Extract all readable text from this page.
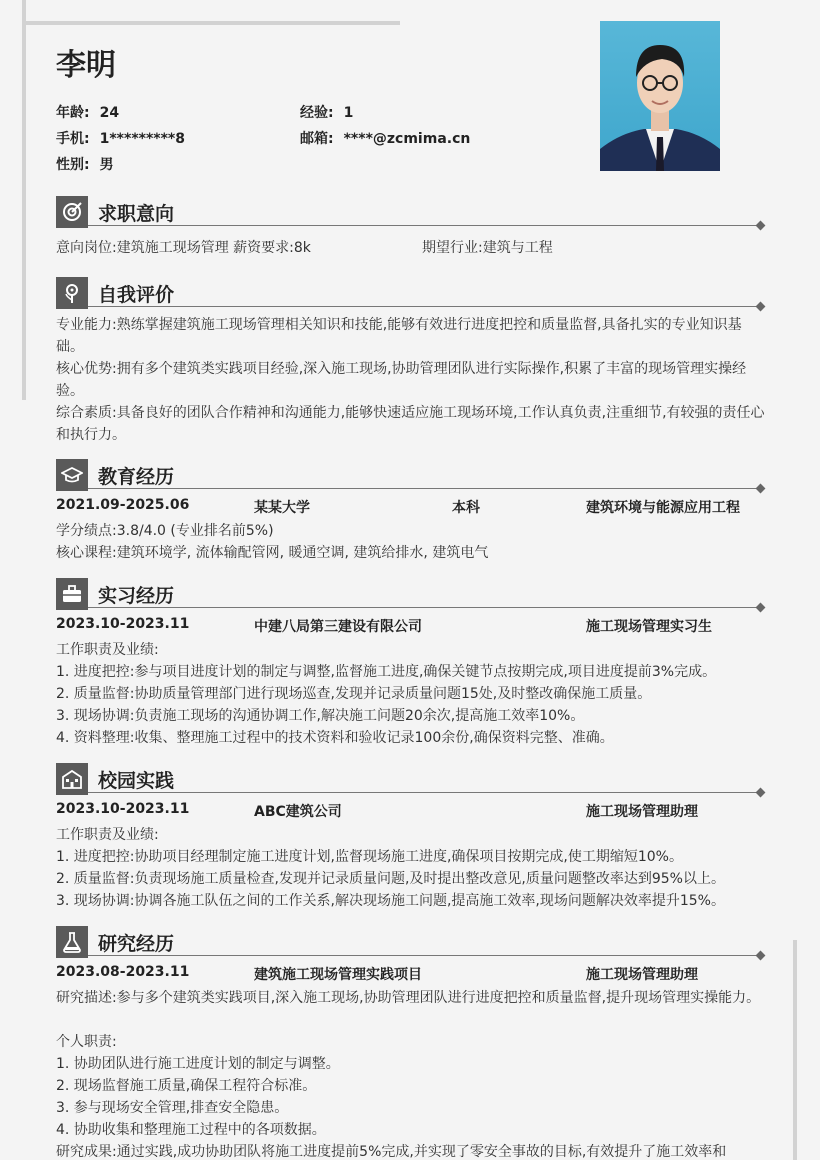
李明
年龄: 24	经验: 1
手机: 1*********8	邮箱: ****@zcmima.cn
性别: 男
求职意向
意向岗位:建筑施工现场管理 薪资要求:8k	期望行业:建筑与工程
自我评价
专业能力:熟练掌握建筑施工现场管理相关知识和技能,能够有效进行进度把控和质量监督,具备扎实的专业知识基础。
核心优势:拥有多个建筑类实践项目经验,深入施工现场,协助管理团队进行实际操作,积累了丰富的现场管理实操经验。
综合素质:具备良好的团队合作精神和沟通能力,能够快速适应施工现场环境,工作认真负责,注重细节,有较强的责任心和执行力。
教育经历
2021.09-2025.06	某某大学	本科	建筑环境与能源应用工程
学分绩点:3.8/4.0 (专业排名前5%)
核心课程:建筑环境学, 流体输配管网, 暖通空调, 建筑给排水, 建筑电气
实习经历
2023.10-2023.11	中建八局第三建设有限公司	施工现场管理实习生
工作职责及业绩:
1. 进度把控:参与项目进度计划的制定与调整,监督施工进度,确保关键节点按期完成,项目进度提前3%完成。
2. 质量监督:协助质量管理部门进行现场巡查,发现并记录质量问题15处,及时整改确保施工质量。
3. 现场协调:负责施工现场的沟通协调工作,解决施工问题20余次,提高施工效率10%。
4. 资料整理:收集、整理施工过程中的技术资料和验收记录100余份,确保资料完整、准确。
校园实践
2023.10-2023.11	ABC建筑公司	施工现场管理助理
工作职责及业绩:
1. 进度把控:协助项目经理制定施工进度计划,监督现场施工进度,确保项目按期完成,使工期缩短10%。
2. 质量监督:负责现场施工质量检查,发现并记录质量问题,及时提出整改意见,质量问题整改率达到95%以上。
3. 现场协调:协调各施工队伍之间的工作关系,解决现场施工问题,提高施工效率,现场问题解决效率提升15%。
研究经历
2023.08-2023.11	建筑施工现场管理实践项目	施工现场管理助理
研究描述:参与多个建筑类实践项目,深入施工现场,协助管理团队进行进度把控和质量监督,提升现场管理实操能力。
个人职责:
1. 协助团队进行施工进度计划的制定与调整。
2. 现场监督施工质量,确保工程符合标准。
3. 参与现场安全管理,排查安全隐患。
4. 协助收集和整理施工过程中的各项数据。
研究成果:通过实践,成功协助团队将施工进度提前5%完成,并实现了零安全事故的目标,有效提升了施工效率和
